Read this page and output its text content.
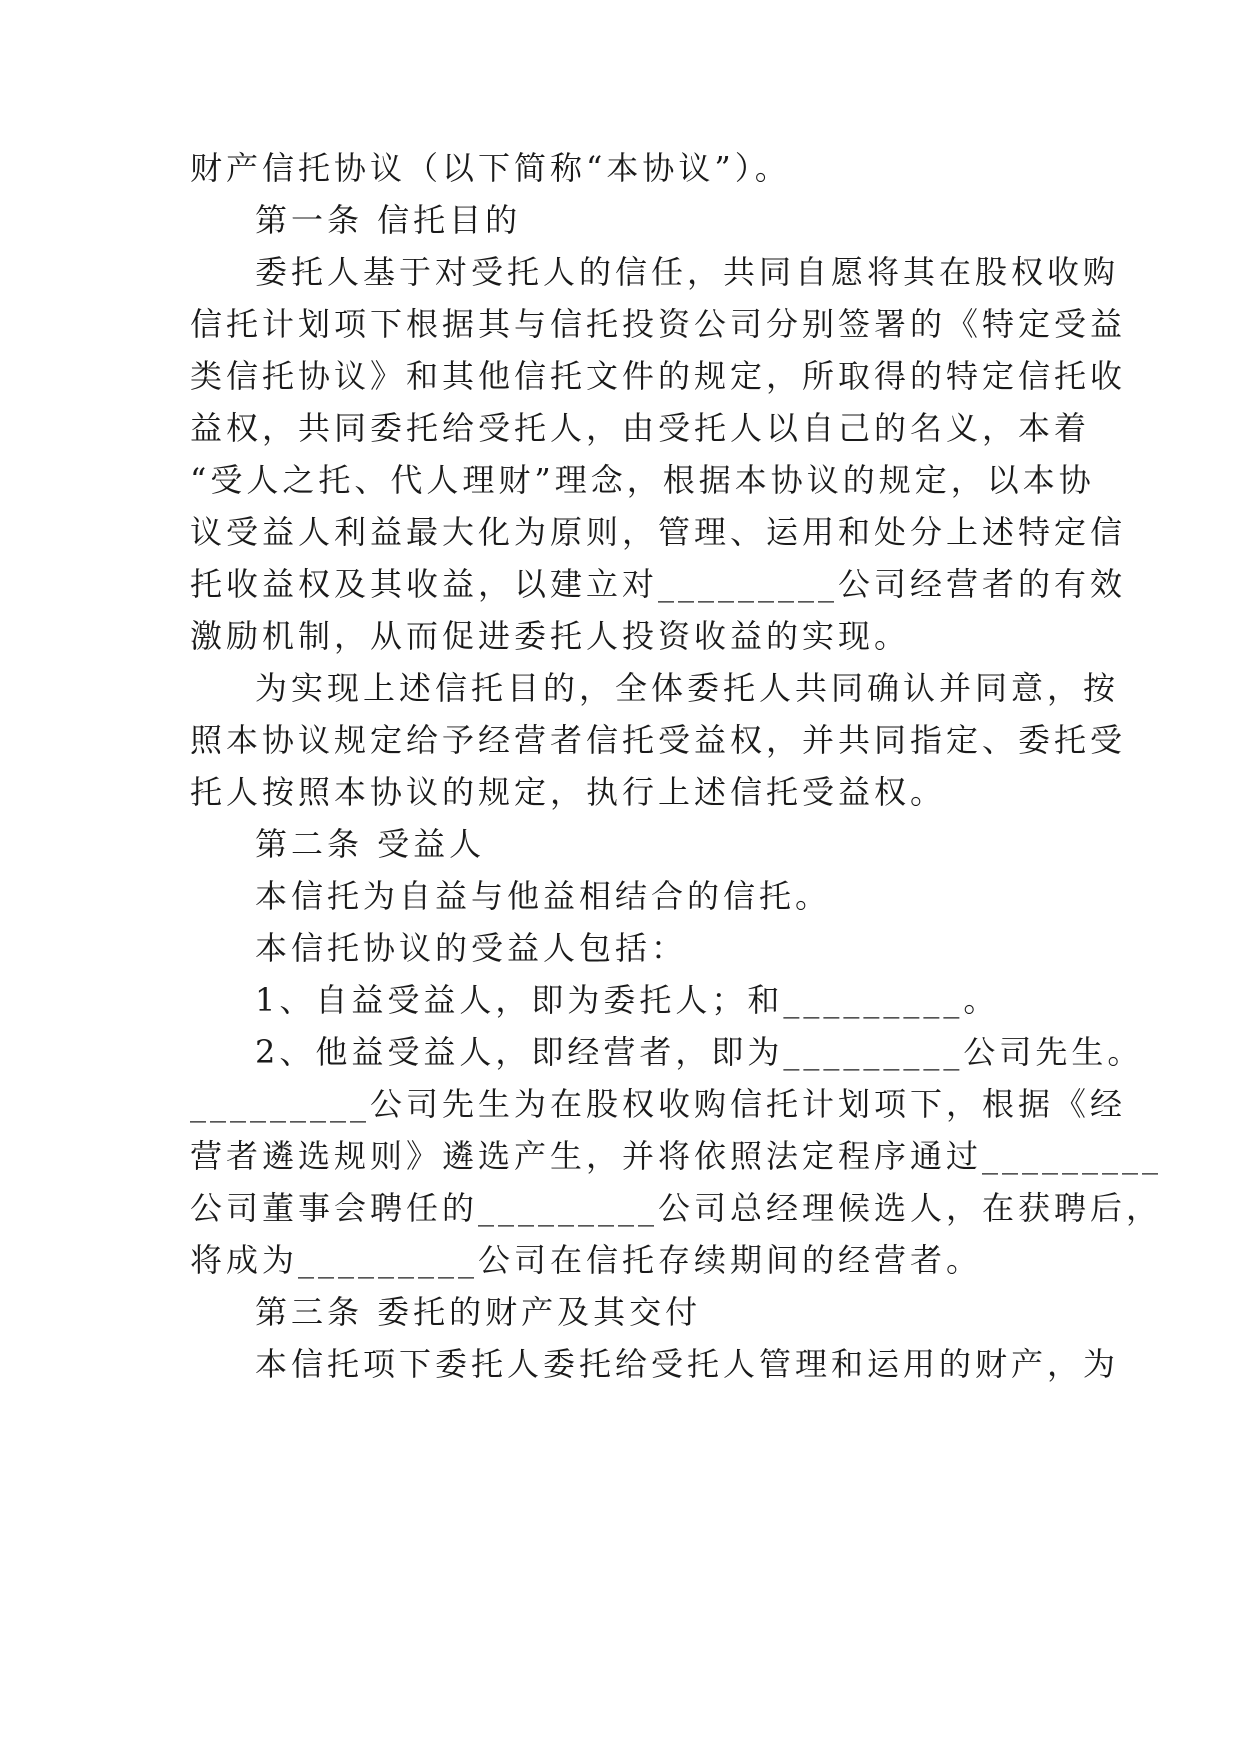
财产信托协议（以下简称“本协议”）。
第一条 信托目的
委托人基于对受托人的信任，共同自愿将其在股权收购
信托计划项下根据其与信托投资公司分别签署的《特定受益
类信托协议》和其他信托文件的规定，所取得的特定信托收
益权，共同委托给受托人，由受托人以自己的名义，本着
“受人之托、代人理财”理念，根据本协议的规定，以本协
议受益人利益最大化为原则，管理、运用和处分上述特定信
托收益权及其收益，以建立对_________公司经营者的有效
激励机制，从而促进委托人投资收益的实现。
为实现上述信托目的，全体委托人共同确认并同意，按
照本协议规定给予经营者信托受益权，并共同指定、委托受
托人按照本协议的规定，执行上述信托受益权。
第二条 受益人
本信托为自益与他益相结合的信托。
本信托协议的受益人包括：
1、自益受益人，即为委托人；和_________。
2、他益受益人，即经营者，即为_________公司先生。
_________公司先生为在股权收购信托计划项下，根据《经
营者遴选规则》遴选产生，并将依照法定程序通过_________
公司董事会聘任的_________公司总经理候选人，在获聘后，
将成为_________公司在信托存续期间的经营者。
第三条 委托的财产及其交付
本信托项下委托人委托给受托人管理和运用的财产，为
